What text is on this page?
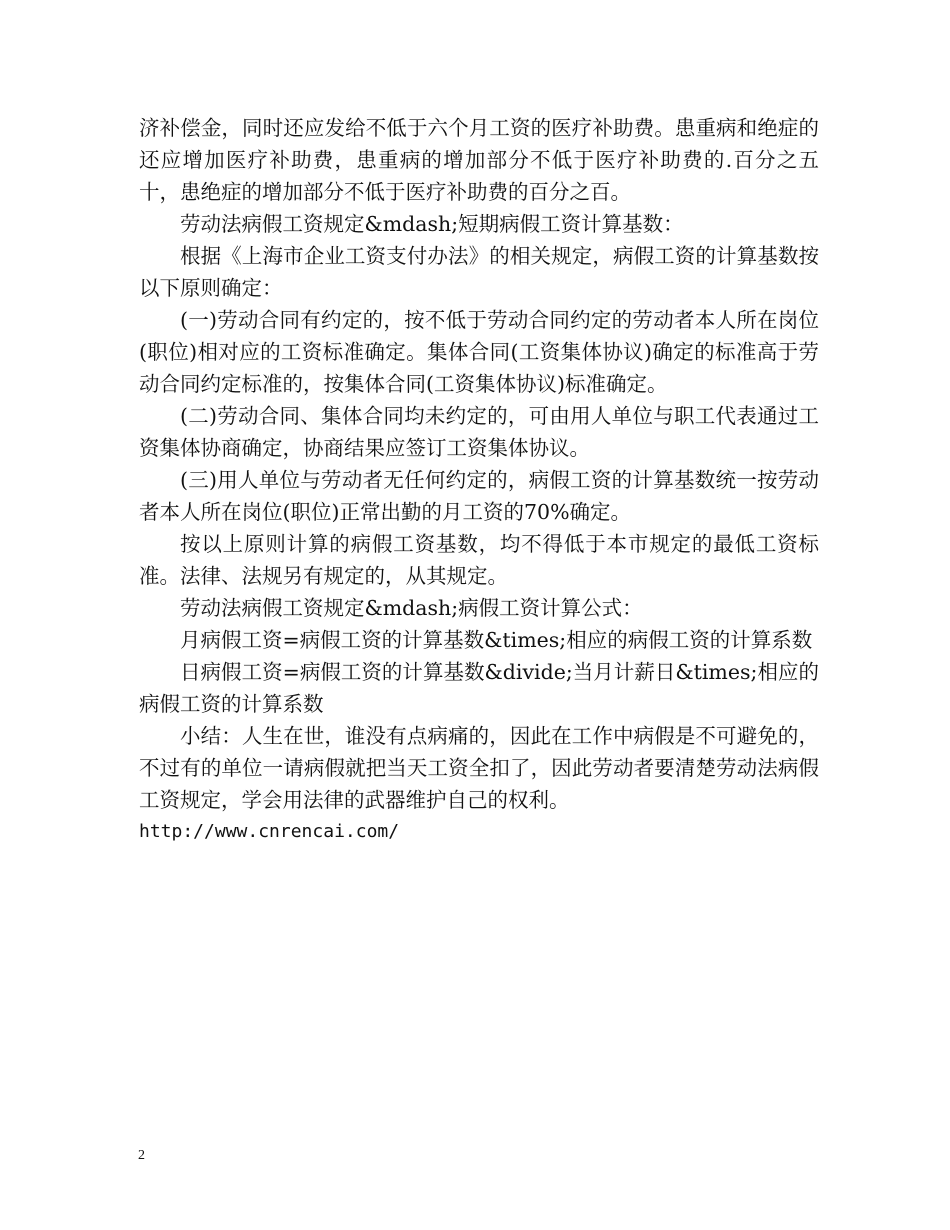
济补偿金，同时还应发给不低于六个月工资的医疗补助费。患重病和绝症的还应增加医疗补助费，患重病的增加部分不低于医疗补助费的.百分之五十，患绝症的增加部分不低于医疗补助费的百分之百。

劳动法病假工资规定&mdash;短期病假工资计算基数：

根据《上海市企业工资支付办法》的相关规定，病假工资的计算基数按以下原则确定：

(一)劳动合同有约定的，按不低于劳动合同约定的劳动者本人所在岗位(职位)相对应的工资标准确定。集体合同(工资集体协议)确定的标准高于劳动合同约定标准的，按集体合同(工资集体协议)标准确定。

(二)劳动合同、集体合同均未约定的，可由用人单位与职工代表通过工资集体协商确定，协商结果应签订工资集体协议。

(三)用人单位与劳动者无任何约定的，病假工资的计算基数统一按劳动者本人所在岗位(职位)正常出勤的月工资的70%确定。

按以上原则计算的病假工资基数，均不得低于本市规定的最低工资标准。法律、法规另有规定的，从其规定。

劳动法病假工资规定&mdash;病假工资计算公式：

月病假工资=病假工资的计算基数&times;相应的病假工资的计算系数

日病假工资=病假工资的计算基数&divide;当月计薪日&times;相应的病假工资的计算系数

小结：人生在世，谁没有点病痛的，因此在工作中病假是不可避免的，不过有的单位一请病假就把当天工资全扣了，因此劳动者要清楚劳动法病假工资规定，学会用法律的武器维护自己的权利。

http://www.cnrencai.com/

2
